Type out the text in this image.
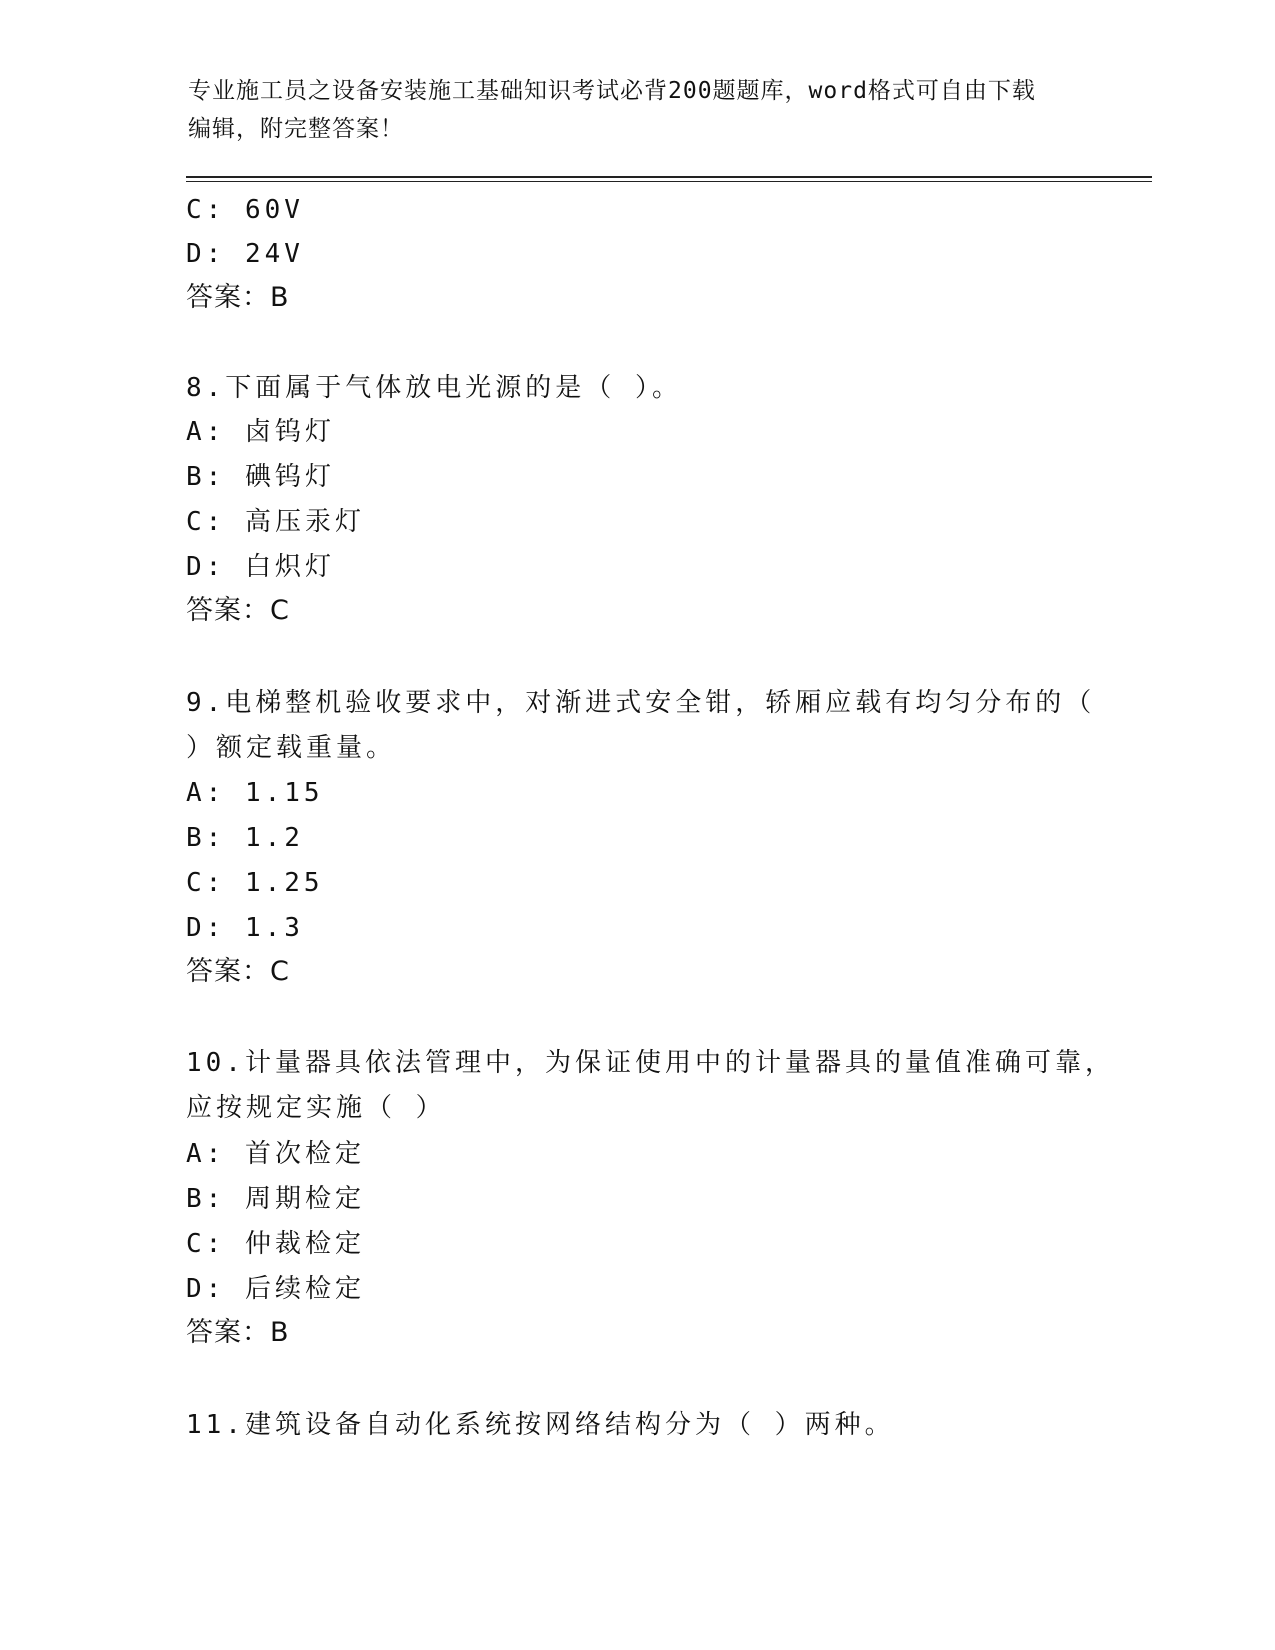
专业施工员之设备安装施工基础知识考试必背200题题库，word格式可自由下载
编辑，附完整答案！
C: 60V
D: 24V
答案：B
8.下面属于气体放电光源的是（ ）。
A: 卤钨灯
B: 碘钨灯
C: 高压汞灯
D: 白炽灯
答案：C
9.电梯整机验收要求中，对渐进式安全钳，轿厢应载有均匀分布的（
）额定载重量。
A: 1.15
B: 1.2
C: 1.25
D: 1.3
答案：C
10.计量器具依法管理中，为保证使用中的计量器具的量值准确可靠，
应按规定实施（ ）
A: 首次检定
B: 周期检定
C: 仲裁检定
D: 后续检定
答案：B
11.建筑设备自动化系统按网络结构分为（ ）两种。
